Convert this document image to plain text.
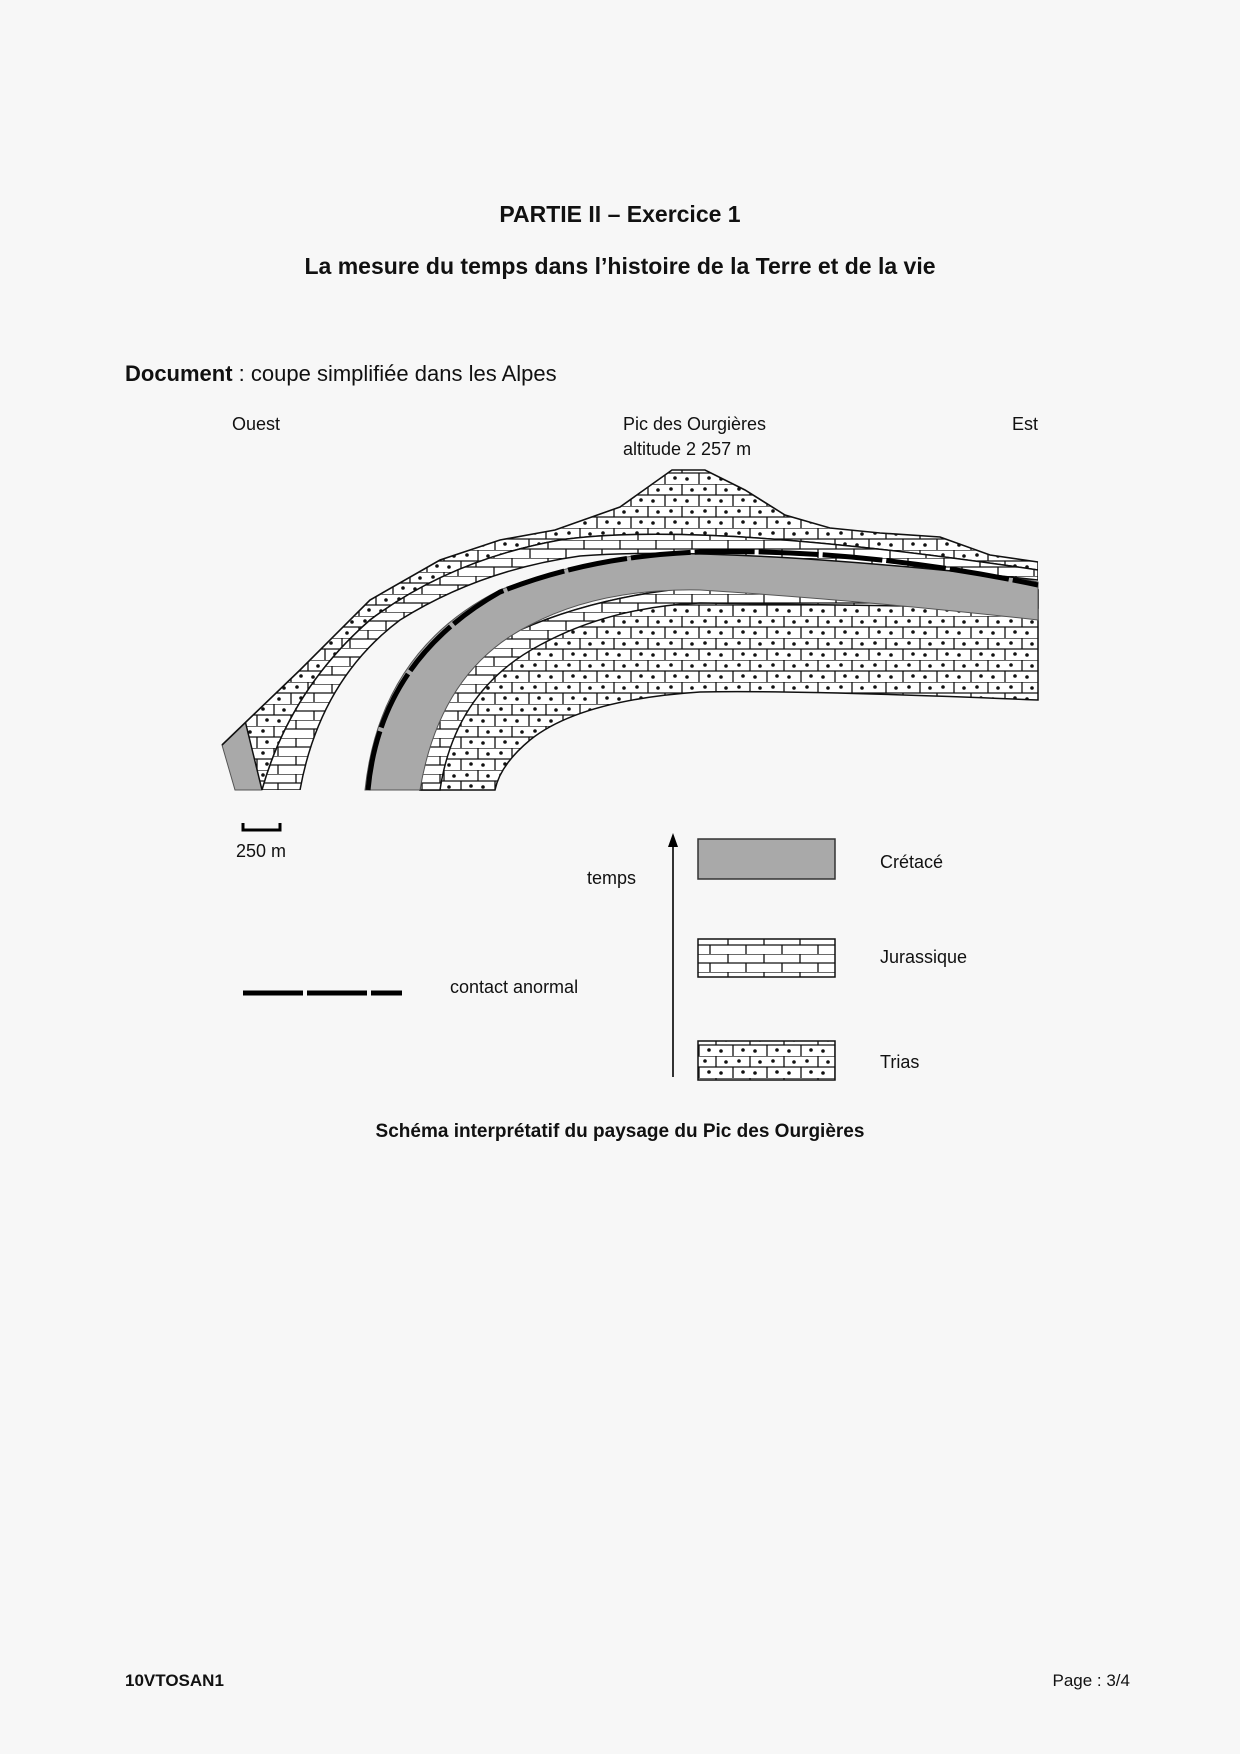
PARTIE II – Exercice 1
La mesure du temps dans l’histoire de la Terre et de la vie
Document : coupe simplifiée dans les Alpes
Ouest	Est
Pic des Ourgières
altitude 2 257 m
250 m
temps
Crétacé
Jurassique
Trias
contact anormal
Schéma interprétatif du paysage du Pic des Ourgières
10VTOSAN1	Page : 3/4
